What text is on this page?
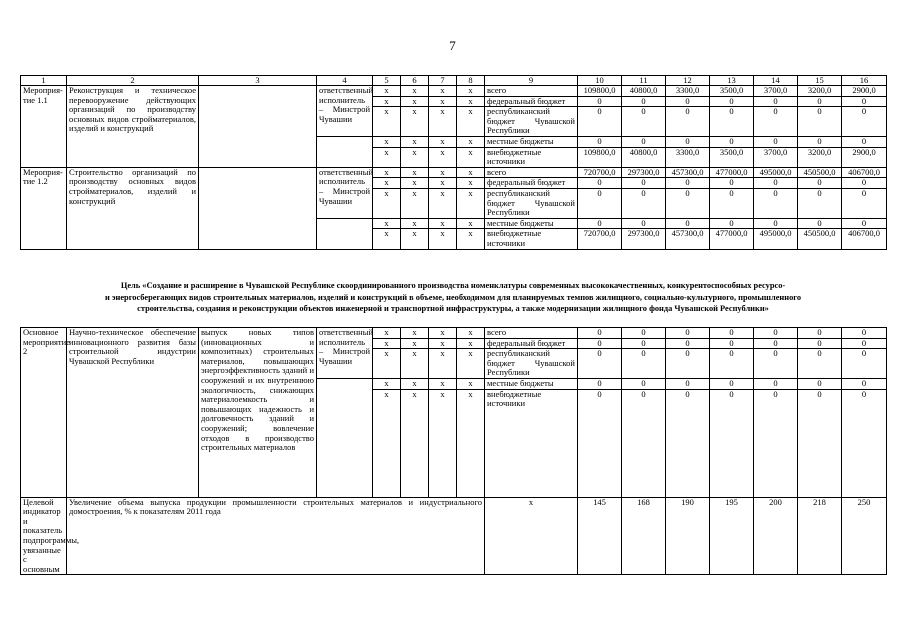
7
1	2	3	4	5	6	7	8	9	10	11	12	13	14	15	16
Мероприя-тие 1.1	Реконструкция и техническое перевооружение действующих организаций по производству основных видов стройматериалов, изделий и конструкций		ответственный исполнитель – Минстрой Чувашии	x	x	x	x	всего	109800,0	40800,0	3300,0	3500,0	3700,0	3200,0	2900,0
				x	x	x	x	федеральный бюджет	0	0	0	0	0	0	0
				x	x	x	x	республиканский бюджет Чувашской Республики	0	0	0	0	0	0	0
				x	x	x	x	местные бюджеты	0	0	0	0	0	0	0
				x	x	x	x	внебюджетные источники	109800,0	40800,0	3300,0	3500,0	3700,0	3200,0	2900,0
Мероприя-тие 1.2	Строительство организаций по производству основных видов стройматериалов, изделий и конструкций		ответственный исполнитель – Минстрой Чувашии	x	x	x	x	всего	720700,0	297300,0	457300,0	477000,0	495000,0	450500,0	406700,0
				x	x	x	x	федеральный бюджет	0	0	0	0	0	0	0
				x	x	x	x	республиканский бюджет Чувашской Республики	0	0	0	0	0	0	0
				x	x	x	x	местные бюджеты	0	0	0	0	0	0	0
				x	x	x	x	внебюджетные источники	720700,0	297300,0	457300,0	477000,0	495000,0	450500,0	406700,0
Цель «Создание и расширение в Чувашской Республике скоординированного производства номенклатуры современных высококачественных, конкурентоспособных ресурсо-
и энергосберегающих видов строительных материалов, изделий и конструкций в объеме, необходимом для планируемых темпов жилищного, социально-культурного, промышленного
строительства, создания и реконструкции объектов инженерной и транспортной инфраструктуры, а также модернизации жилищного фонда Чувашской Республики»
Основное мероприятие 2	Научно-техническое обеспечение инновационного развития базы строительной индустрии Чувашской Республики	выпуск новых типов (инновационных и композитных) строительных материалов, повышающих энергоэффективность зданий и сооружений и их внутреннюю экологичность, снижающих материалоемкость и повышающих надежность и долговечность зданий и сооружений; вовлечение отходов в производство строительных материалов	ответственный исполнитель – Минстрой Чувашии	x	x	x	x	всего	0	0	0	0	0	0	0
				x	x	x	x	федеральный бюджет	0	0	0	0	0	0	0
				x	x	x	x	республиканский бюджет Чувашской Республики	0	0	0	0	0	0	0
				x	x	x	x	местные бюджеты	0	0	0	0	0	0	0
				x	x	x	x	внебюджетные источники	0	0	0	0	0	0	0
Целевой индикатор и показатель подпрограммы, увязанные с основным	Увеличение объема выпуска продукции промышленности строительных материалов и индустриального домостроения, % к показателям 2011 года							x	145	168	190	195	200	218	250
